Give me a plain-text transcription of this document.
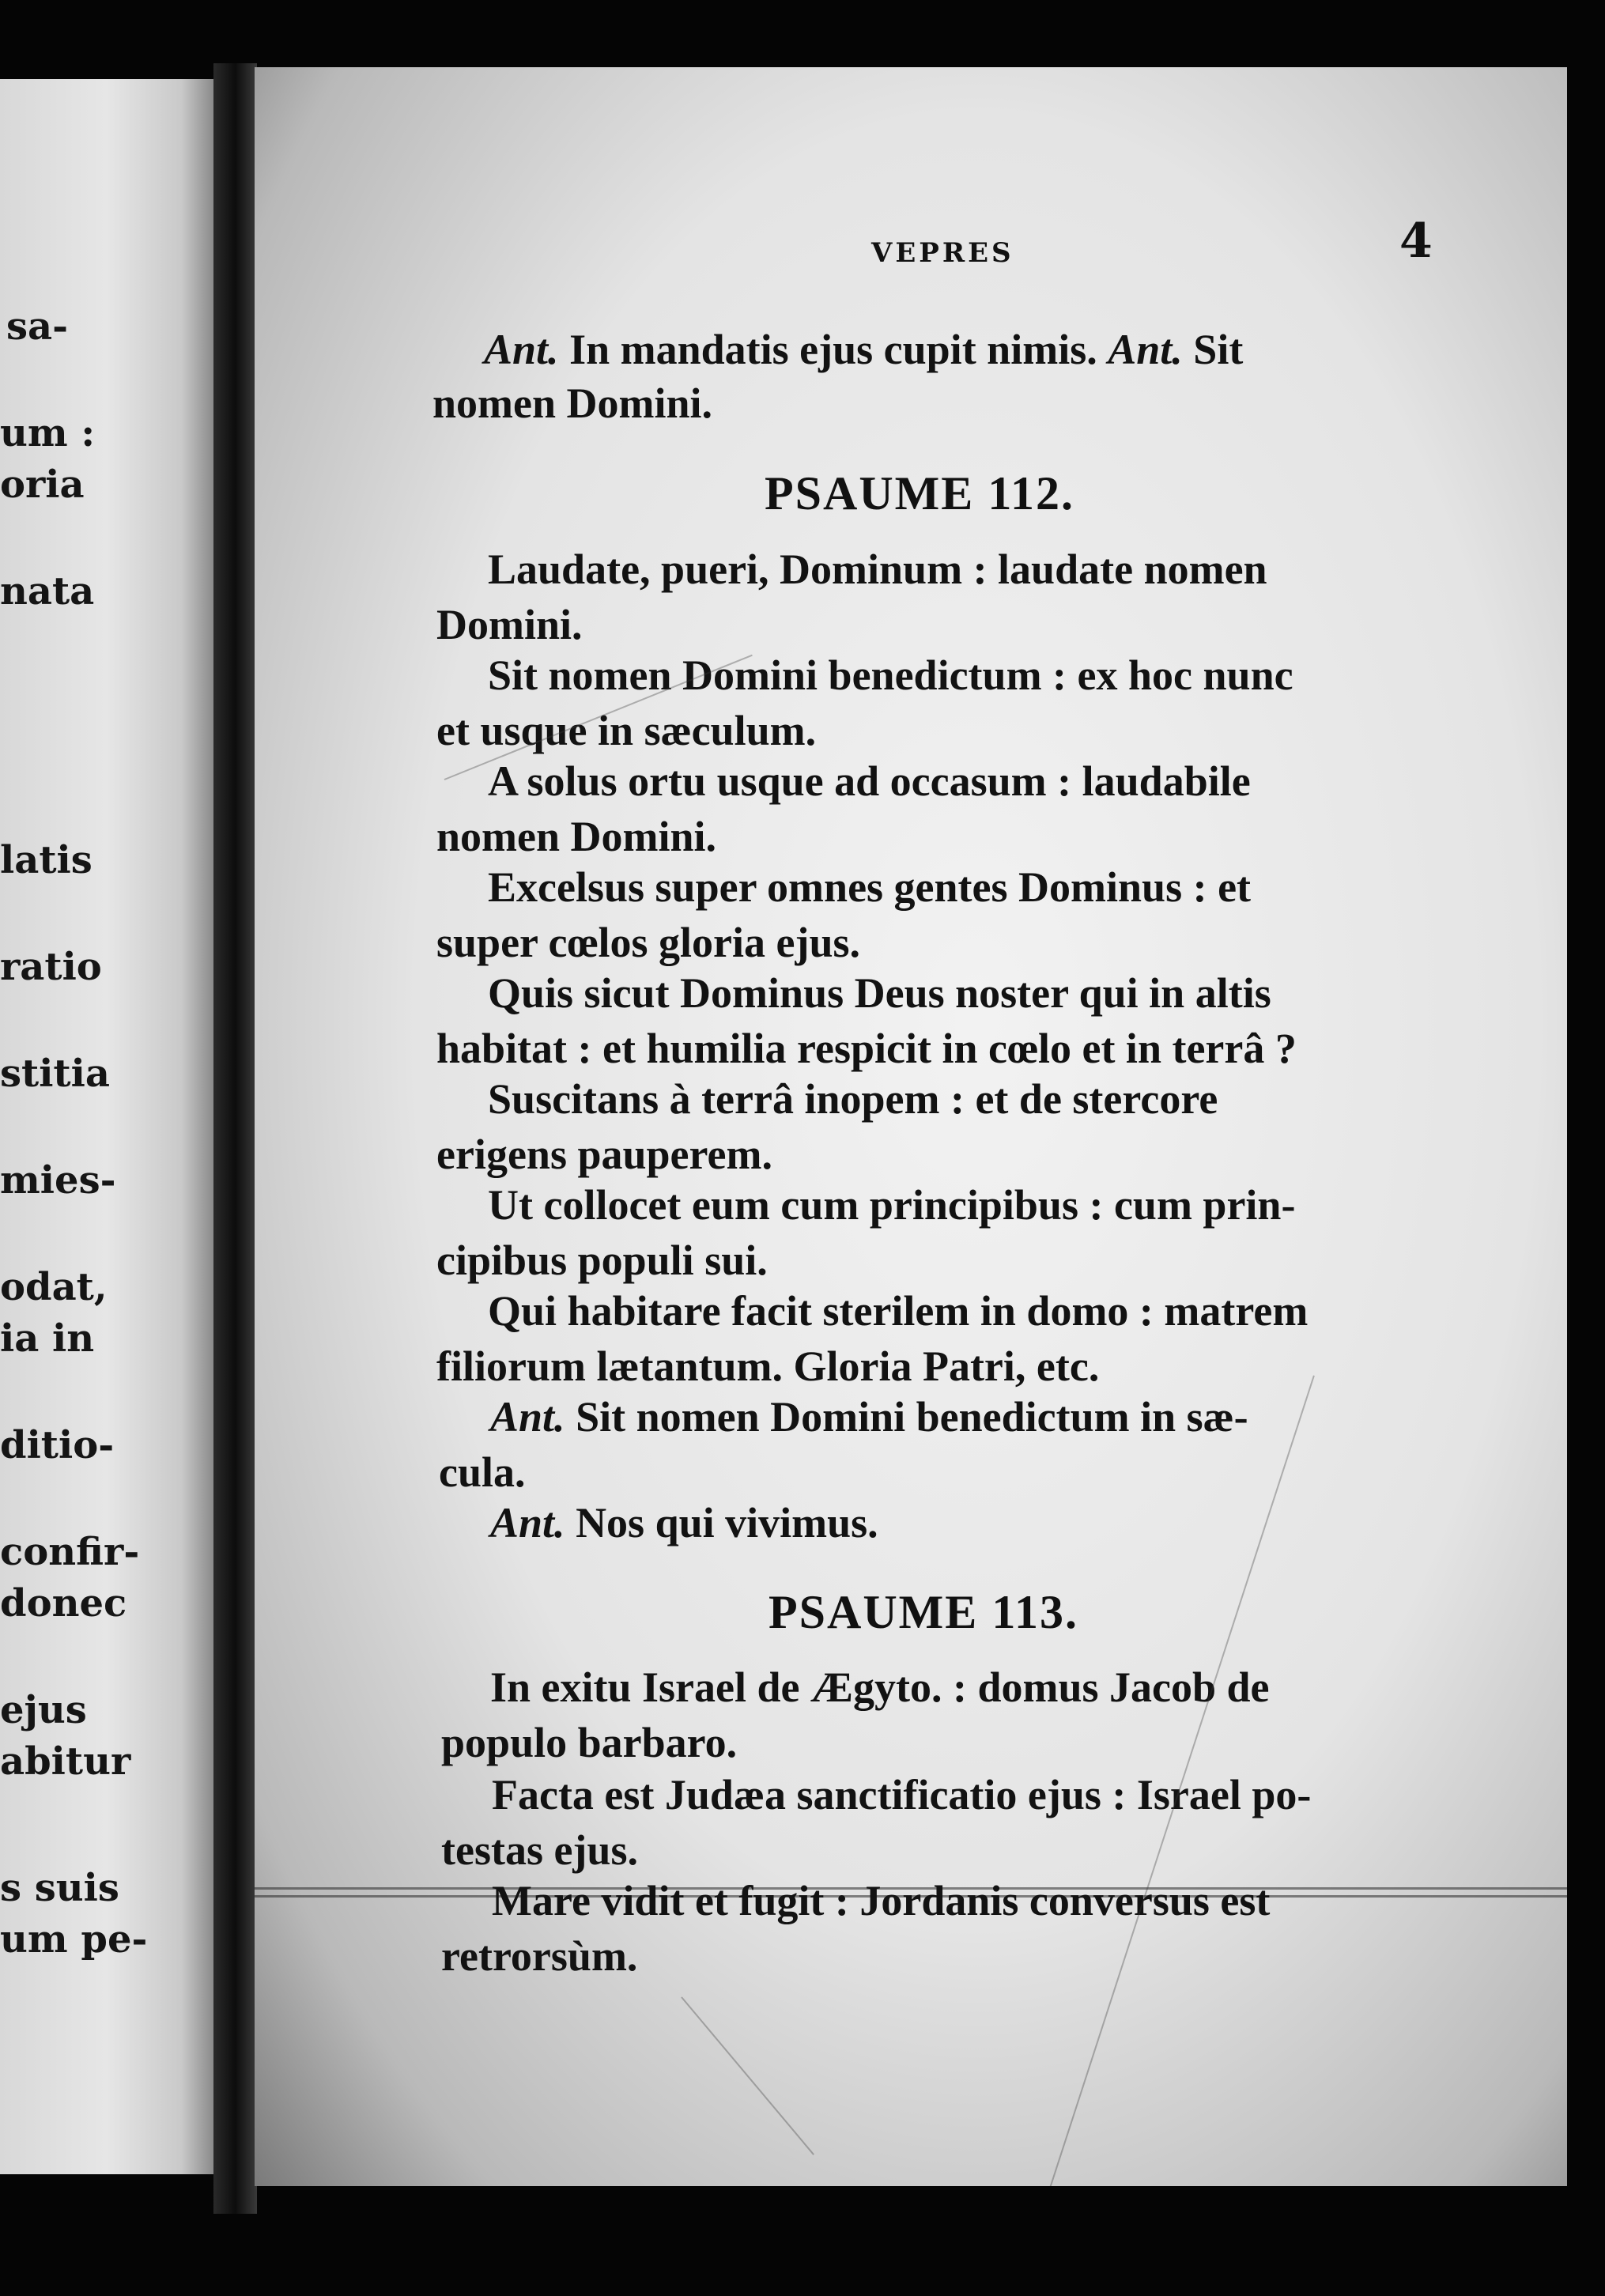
sa-
um :
oria
nata
latis
ratio
stitia
mies-
odat,
ia in
ditio-
confir-
donec
ejus
abitur
s suis
um pe-
VEPRES	4
Ant. In mandatis ejus cupit nimis. Ant. Sit
nomen Domini.
PSAUME 112.
Laudate, pueri, Dominum : laudate nomen
Domini.
Sit nomen Domini benedictum : ex hoc nunc
et usque in sæculum.
A solus ortu usque ad occasum : laudabile
nomen Domini.
Excelsus super omnes gentes Dominus : et
super cœlos gloria ejus.
Quis sicut Dominus Deus noster qui in altis
habitat : et humilia respicit in cœlo et in terrâ ?
Suscitans à terrâ inopem : et de stercore
erigens pauperem.
Ut collocet eum cum principibus : cum prin-
cipibus populi sui.
Qui habitare facit sterilem in domo : matrem
filiorum lætantum. Gloria Patri, etc.
Ant. Sit nomen Domini benedictum in sæ-
cula.
Ant. Nos qui vivimus.
PSAUME 113.
In exitu Israel de Ægyto. : domus Jacob de
populo barbaro.
Facta est Judæa sanctificatio ejus : Israel po-
testas ejus.
Mare vidit et fugit : Jordanis conversus est
retrorsùm.
